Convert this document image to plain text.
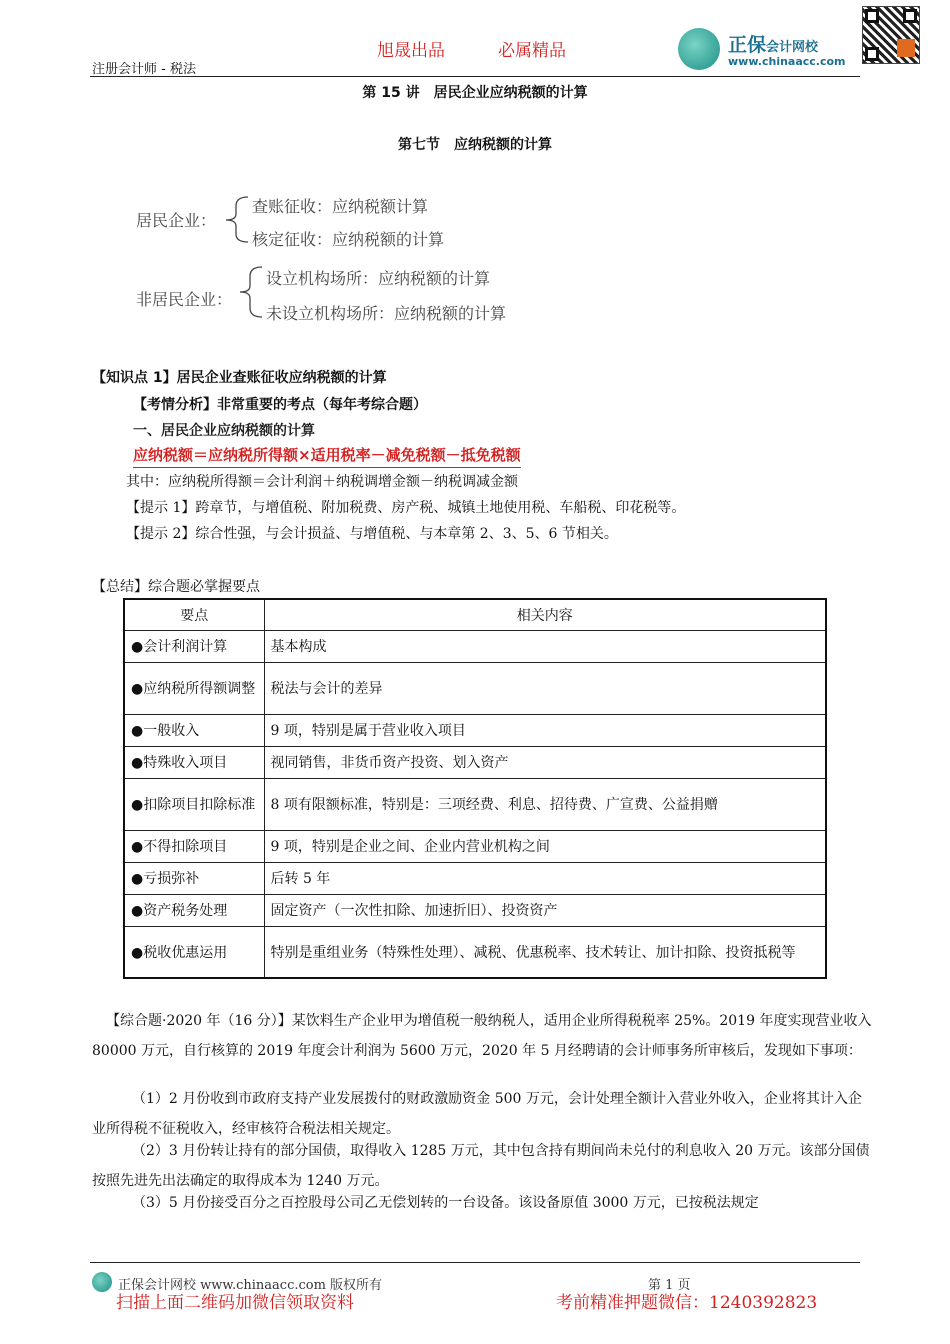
注册会计师 - 税法
旭晟出品	必属精品	正保会计网校
www.chinaacc.com
第 15 讲　居民企业应纳税额的计算
第七节　应纳税额的计算
居民企业：
查账征收：应纳税额计算
核定征收：应纳税额的计算
非居民企业：
设立机构场所：应纳税额的计算
未设立机构场所：应纳税额的计算
【知识点 1】居民企业查账征收应纳税额的计算
【考情分析】非常重要的考点（每年考综合题）
一、居民企业应纳税额的计算
应纳税额＝应纳税所得额×适用税率－减免税额－抵免税额
其中：应纳税所得额＝会计利润＋纳税调增金额－纳税调减金额
【提示 1】跨章节，与增值税、附加税费、房产税、城镇土地使用税、车船税、印花税等。
【提示 2】综合性强，与会计损益、与增值税、与本章第 2、3、5、6 节相关。
【总结】综合题必掌握要点
要点	相关内容
●会计利润计算	基本构成
●应纳税所得额调整	税法与会计的差异
●一般收入	9 项，特别是属于营业收入项目
●特殊收入项目	视同销售，非货币资产投资、划入资产
●扣除项目扣除标准	8 项有限额标准，特别是：三项经费、利息、招待费、广宣费、公益捐赠
●不得扣除项目	9 项，特别是企业之间、企业内营业机构之间
●亏损弥补	后转 5 年
●资产税务处理	固定资产（一次性扣除、加速折旧）、投资资产
●税收优惠运用	特别是重组业务（特殊性处理）、减税、优惠税率、技术转让、加计扣除、投资抵税等
【综合题·2020 年（16 分）】某饮料生产企业甲为增值税一般纳税人，适用企业所得税税率 25%。2019 年度实现营业收入 80000 万元，自行核算的 2019 年度会计利润为 5600 万元，2020 年 5 月经聘请的会计师事务所审核后，发现如下事项：
（1）2 月份收到市政府支持产业发展拨付的财政激励资金 500 万元，会计处理全额计入营业外收入，企业将其计入企业所得税不征税收入，经审核符合税法相关规定。
（2）3 月份转让持有的部分国债，取得收入 1285 万元，其中包含持有期间尚未兑付的利息收入 20 万元。该部分国债按照先进先出法确定的取得成本为 1240 万元。
（3）5 月份接受百分之百控股母公司乙无偿划转的一台设备。该设备原值 3000 万元，已按税法规定
正保会计网校 www.chinaacc.com 版权所有	第 1 页
扫描上面二维码加微信领取资料	考前精准押题微信：1240392823
